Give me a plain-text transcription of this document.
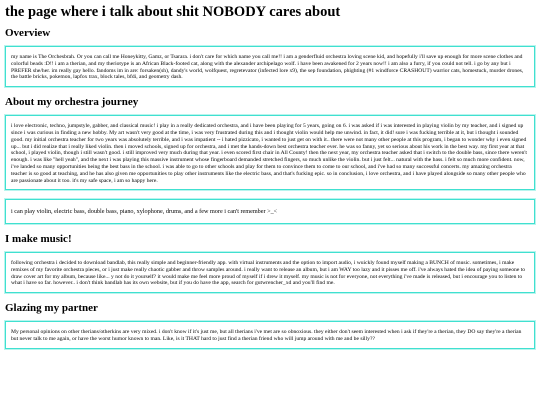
the page where i talk about shit NOBODY cares about
Overview
my name is The Orchesbrah. Or you can call me Honeykitty, Gamz, or Tsarara. i don't care for which name you call me!! i am a genderfluid orchestra loving scene kid, and hopefully i'll save up enough for more scene clothes and colorful beads :D!! i am a therian, and my theriotype is an African Black-footed cat, along with the alexander archipelago wolf. i have been awakened for 2 years now!! i am also a furry, if you could not tell. i go by any but i PREFER she/her. im really gay hello. fandoms im in are: forsaken(sh), dandy's world, wolfquest, regretevator (infected lore x9), the sep foundation, phighting (#1 windforce CRASHOUT) warrior cats, homestuck, murder drones, the battle bricks, pokemon, lapfox trax, block tales, bfdi, and geometry dash.
About my orchestra journey
i love electronic, techno, jumpstyle, gabber, and classical music! i play in a really dedicated orchestra, and i have been playing for 5 years, going on 6. i was asked if i was interested in playing violin by my teacher, and i signed up since i was curious in finding a new hobby. My art wasn't very good at the time, i was very frustrated during this and i thought violin would help me unwind. in fact, it did! sure i was fucking terrible at it, but i thought i sounded good. my initial orchestra teacher for two years was absolutely terrible, and i was impatient -- i hated pizzicato, i wanted to just get on with it.. there were not many other people at this program, i began to wonder why i even signed up... but i did realize that i really liked violin. then i moved schools, signed up for orchestra, and i met the hands-down best orchestra teacher ever. he was so fanny, yet so serious about his work in the best way. my first year at that school, i played violin, though i still wasn't good. i still improved very much during that year. i even scored first chair in All County! then the next year, my orchestra teacher asked that i switch to the double bass, since there weren't enough. i was like "hell yeah", and the next i was playing this massive instrument whose fingerboard demanded stretched fingers, so much unlike the violin. but i just felt... natural with the bass. i felt so much more confident. now, i've landed so many opportunities being the best bass in the school. i was able to go to other schools and play for them to convince them to come to our school, and i've had so many successful concerts. my amazing orchestra teacher is so good at teaching, and he has also given me opportunities to play other instruments like the electric bass, and that's fucking epic. so in conclusion, i love orchestra, and i have played alongside so many other people who are passionate about it too. it's my safe space, i am so happy here.
i can play violin, electric bass, double bass, piano, xylophone, drums, and a few more i can't remember >_<
I make music!
following orchestra i decided to download bandlab, this really simple and beginner-friendly app. with virtual instruments and the option to import audio, i wuickly found myself making a BUNCH of music. sometimes, i make remixes of my favorite orchestra pieces, or i just make really chaotic gabber and throw samples around. i really want to release an album, but i am WAY too lazy and it pisses me off. i've always hated the idea of paying someone to draw cover art for my album, because like... y not do it yourself? it would make me feel more proud of myself if i drew it myself. my music is not for everyone, not everything i've made is released, but i encourage you to listen to what i have so far. however.. i don't think bandlab has its own website, but if you do have the app, search for gutwrencher_xd and you'll find me.
Glazing my partner
My personal opinions on other therians/otherkins are very mixed. i don't know if it's just me, but all therians i've met are so obnoxious. they either don't seem interested when i ask if they're a therian, they DO say they're a therian but never talk to me again, or have the worst humor known to man. Like, is it THAT hard to just find a therian friend who will jump around with me and be silly??
